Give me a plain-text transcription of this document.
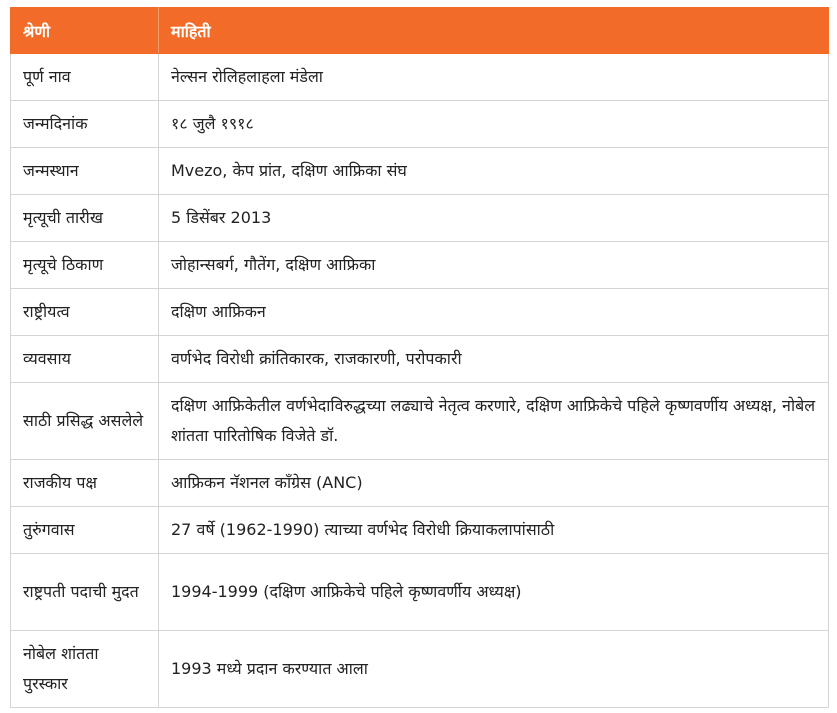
श्रेणी	माहिती
पूर्ण नाव	नेल्सन रोलिहलाहला मंडेला
जन्मदिनांक	१८ जुलै १९१८
जन्मस्थान	Mvezo, केप प्रांत, दक्षिण आफ्रिका संघ
मृत्यूची तारीख	5 डिसेंबर 2013
मृत्यूचे ठिकाण	जोहान्सबर्ग, गौतेंग, दक्षिण आफ्रिका
राष्ट्रीयत्व	दक्षिण आफ्रिकन
व्यवसाय	वर्णभेद विरोधी क्रांतिकारक, राजकारणी, परोपकारी
साठी प्रसिद्ध असलेले	दक्षिण आफ्रिकेतील वर्णभेदाविरुद्धच्या लढ्याचे नेतृत्व करणारे, दक्षिण आफ्रिकेचे पहिले कृष्णवर्णीय अध्यक्ष, नोबेल शांतता पारितोषिक विजेते डॉ.
राजकीय पक्ष	आफ्रिकन नॅशनल काँग्रेस (ANC)
तुरुंगवास	27 वर्षे (1962-1990) त्याच्या वर्णभेद विरोधी क्रियाकलापांसाठी
राष्ट्रपती पदाची मुदत	1994-1999 (दक्षिण आफ्रिकेचे पहिले कृष्णवर्णीय अध्यक्ष)
नोबेल शांतता पुरस्कार	1993 मध्ये प्रदान करण्यात आला
